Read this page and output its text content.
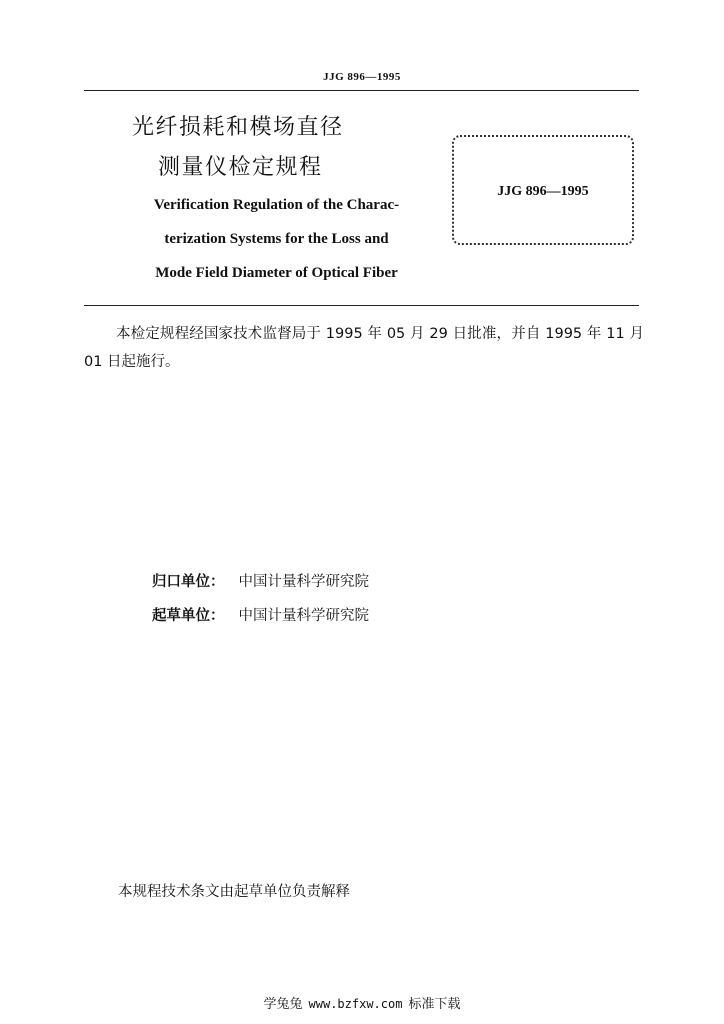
JJG 896—1995
光纤损耗和模场直径
测量仪检定规程
Verification Regulation of the Charac-
terization Systems for the Loss and
Mode Field Diameter of Optical Fiber
JJG 896—1995
本检定规程经国家技术监督局于 1995 年 05 月 29 日批准，并自 1995 年 11 月 01 日起施行。
归口单位： 中国计量科学研究院
起草单位： 中国计量科学研究院
本规程技术条文由起草单位负责解释
学兔兔 www.bzfxw.com 标准下载
